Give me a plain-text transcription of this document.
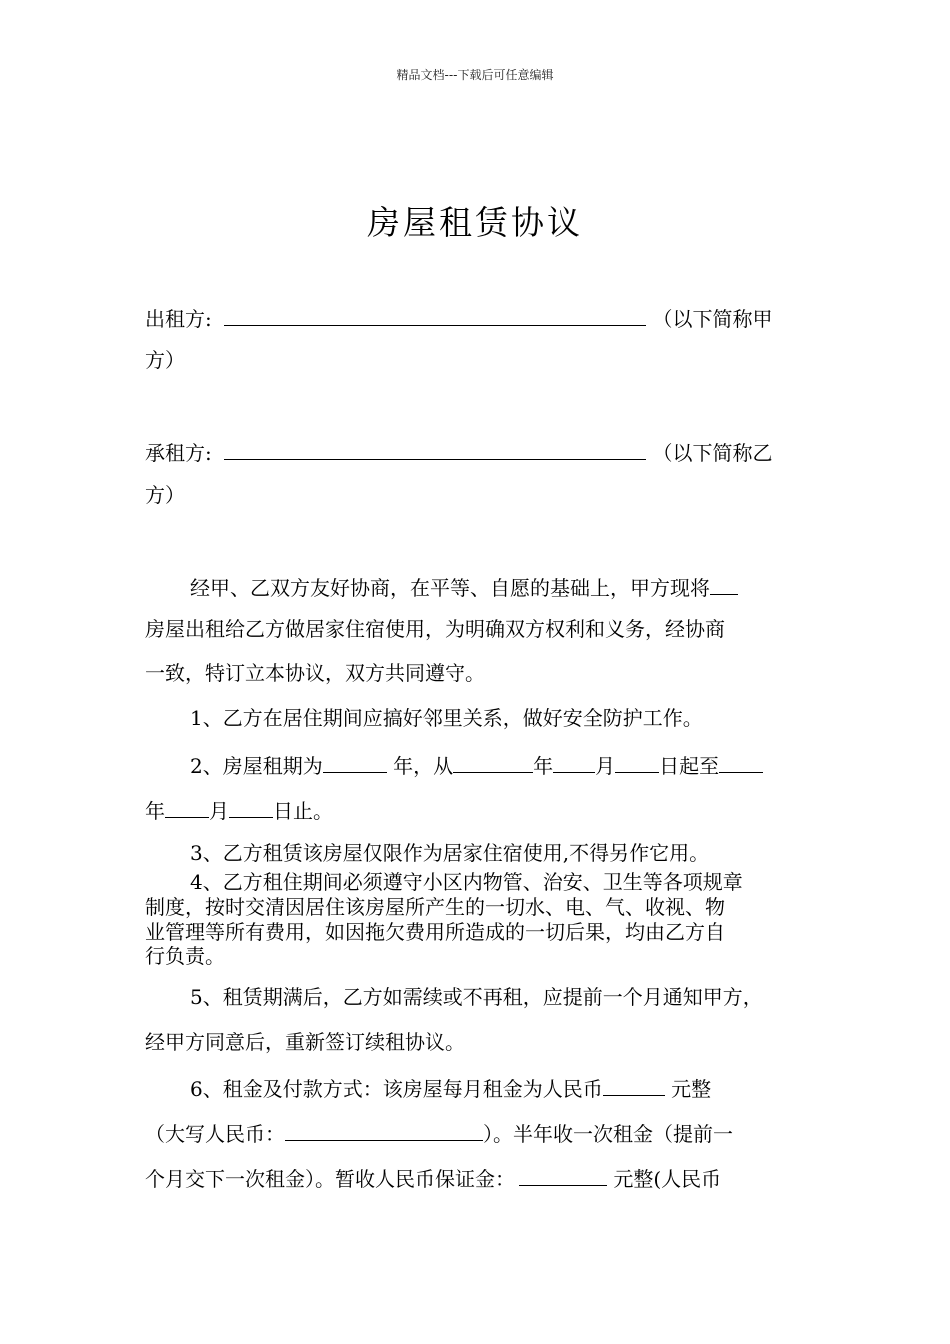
精品文档---下载后可任意编辑
房屋租赁协议
出租方:	（以下简称甲
方）
承租方:	（以下简称乙
方）
经甲、乙双方友好协商，在平等、自愿的基础上，甲方现将
房屋出租给乙方做居家住宿使用，为明确双方权利和义务，经协商
一致，特订立本协议，双方共同遵守。
1、乙方在居住期间应搞好邻里关系，做好安全防护工作。
2、房屋租期为	年，从	年 月 日起至
年 月 日止。
3、乙方租赁该房屋仅限作为居家住宿使用,不得另作它用。
4、乙方租住期间必须遵守小区内物管、治安、卫生等各项规章
制度，按时交清因居住该房屋所产生的一切水、电、气、收视、物
业管理等所有费用，如因拖欠费用所造成的一切后果，均由乙方自
行负责。
5、租赁期满后，乙方如需续或不再租，应提前一个月通知甲方，
经甲方同意后，重新签订续租协议。
6、租金及付款方式：该房屋每月租金为人民币	元整
（大写人民币：	）。半年收一次租金（提前一
个月交下一次租金）。暂收人民币保证金：	元整(人民币
